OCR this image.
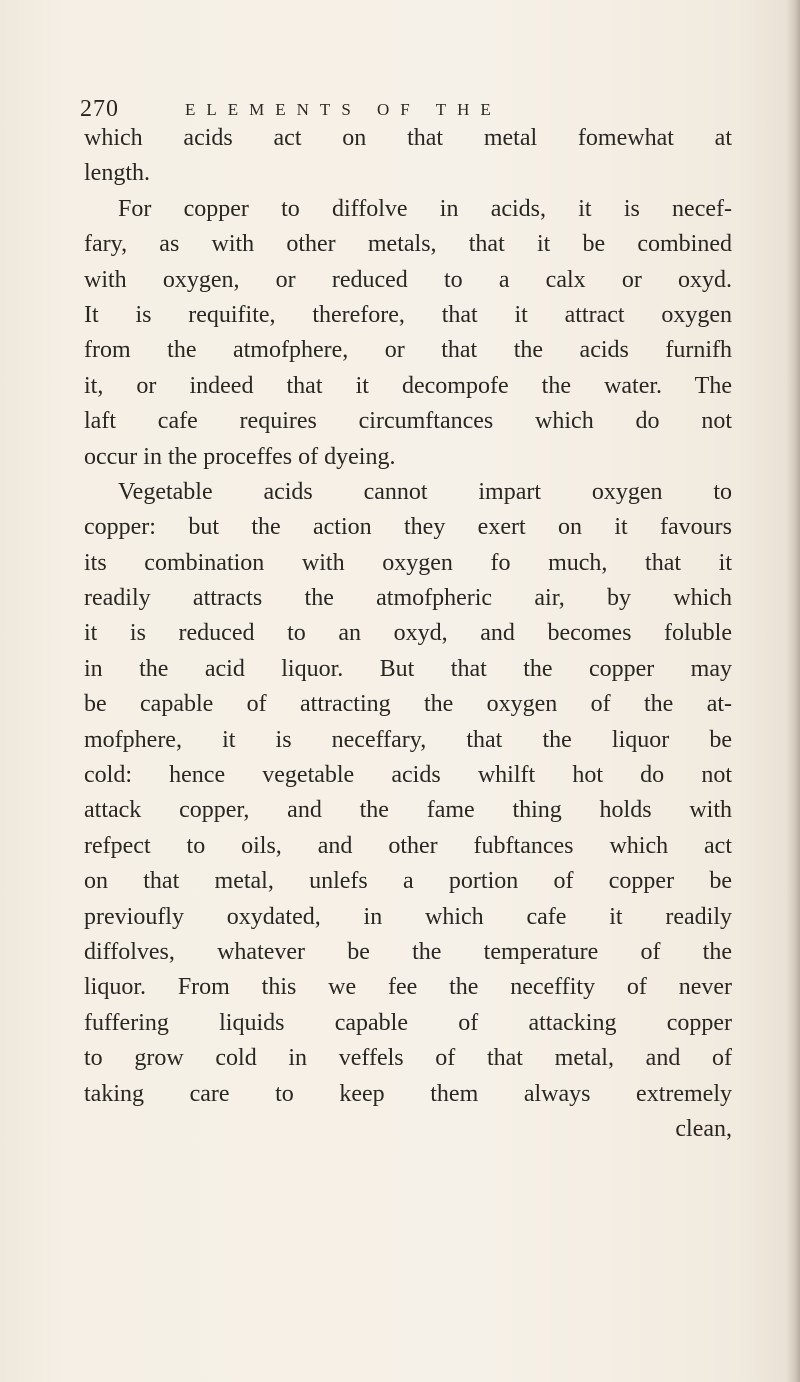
270	ELEMENTS OF THE
which acids act on that metal fomewhat at
length.
For copper to diffolve in acids, it is necef-
fary, as with other metals, that it be combined
with oxygen, or reduced to a calx or oxyd.
It is requifite, therefore, that it attract oxygen
from the atmofphere, or that the acids furnifh
it, or indeed that it decompofe the water. The
laft cafe requires circumftances which do not
occur in the proceffes of dyeing.
Vegetable acids cannot impart oxygen to
copper: but the action they exert on it favours
its combination with oxygen fo much, that it
readily attracts the atmofpheric air, by which
it is reduced to an oxyd, and becomes foluble
in the acid liquor. But that the copper may
be capable of attracting the oxygen of the at-
mofphere, it is neceffary, that the liquor be
cold: hence vegetable acids whilft hot do not
attack copper, and the fame thing holds with
refpect to oils, and other fubftances which act
on that metal, unlefs a portion of copper be
previoufly oxydated, in which cafe it readily
diffolves, whatever be the temperature of the
liquor. From this we fee the neceffity of never
fuffering liquids capable of attacking copper
to grow cold in veffels of that metal, and of
taking care to keep them always extremely
clean,
